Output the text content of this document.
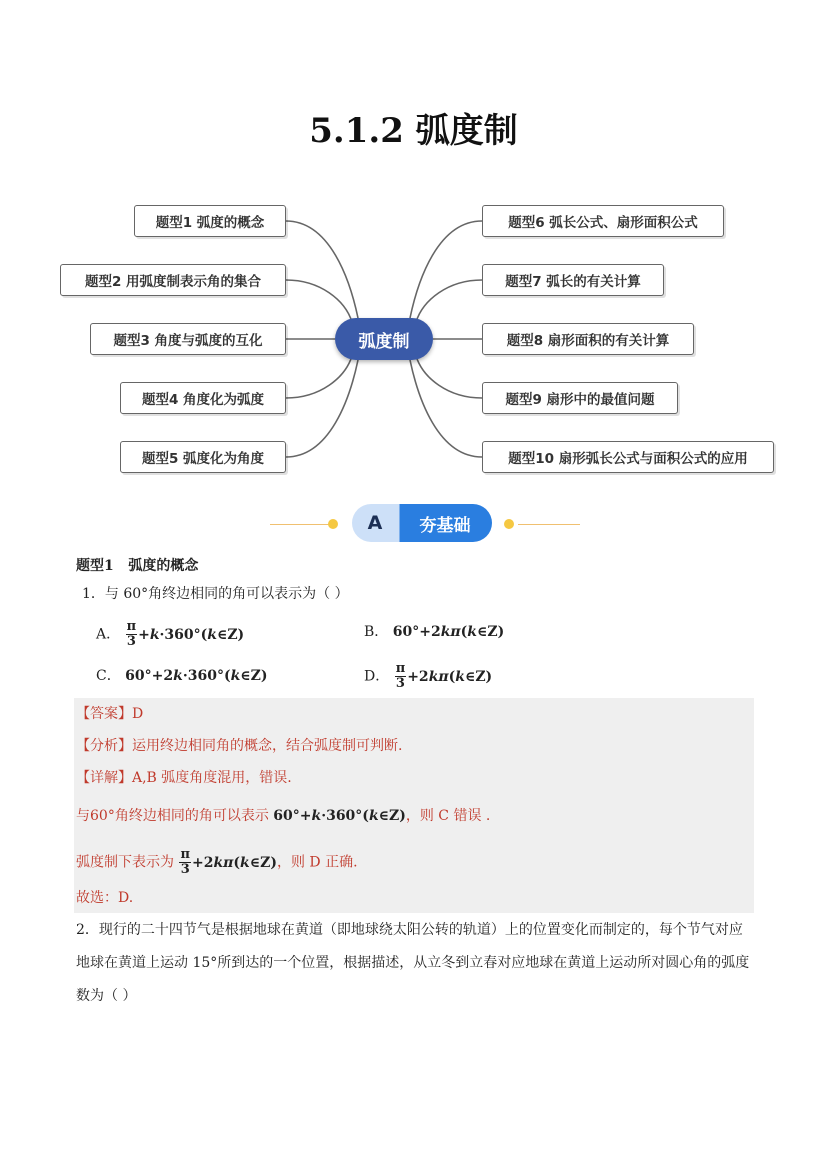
5.1.2 弧度制
弧度制
题型1 弧度的概念
题型2 用弧度制表示角的集合
题型3 角度与弧度的互化
题型4 角度化为弧度
题型5 弧度化为角度
题型6 弧长公式、扇形面积公式
题型7 弧长的有关计算
题型8 扇形面积的有关计算
题型9 扇形中的最值问题
题型10 扇形弧长公式与面积公式的应用
A	夯基础
题型1 弧度的概念
1．与 60°角终边相同的角可以表示为（ ）
A． $\frac{\pi}{3}$ +k·360°(k∈Z)	B． 60°+2kπ(k∈Z)
C． 60°+2k·360°(k∈Z)	D． $\frac{\pi}{3}$ +2kπ(k∈Z)
【答案】D
【分析】运用终边相同角的概念，结合弧度制可判断.
【详解】A,B 弧度角度混用，错误.
与60°角终边相同的角可以表示 60°+k·360°(k∈Z)，则 C 错误 .
弧度制下表示为 $\frac{\pi}{3}$ +2kπ(k∈Z)，则 D 正确.
故选：D.
2．现行的二十四节气是根据地球在黄道（即地球绕太阳公转的轨道）上的位置变化而制定的，每个节气对应地球在黄道上运动 15°所到达的一个位置，根据描述，从立冬到立春对应地球在黄道上运动所对圆心角的弧度数为（ ）
